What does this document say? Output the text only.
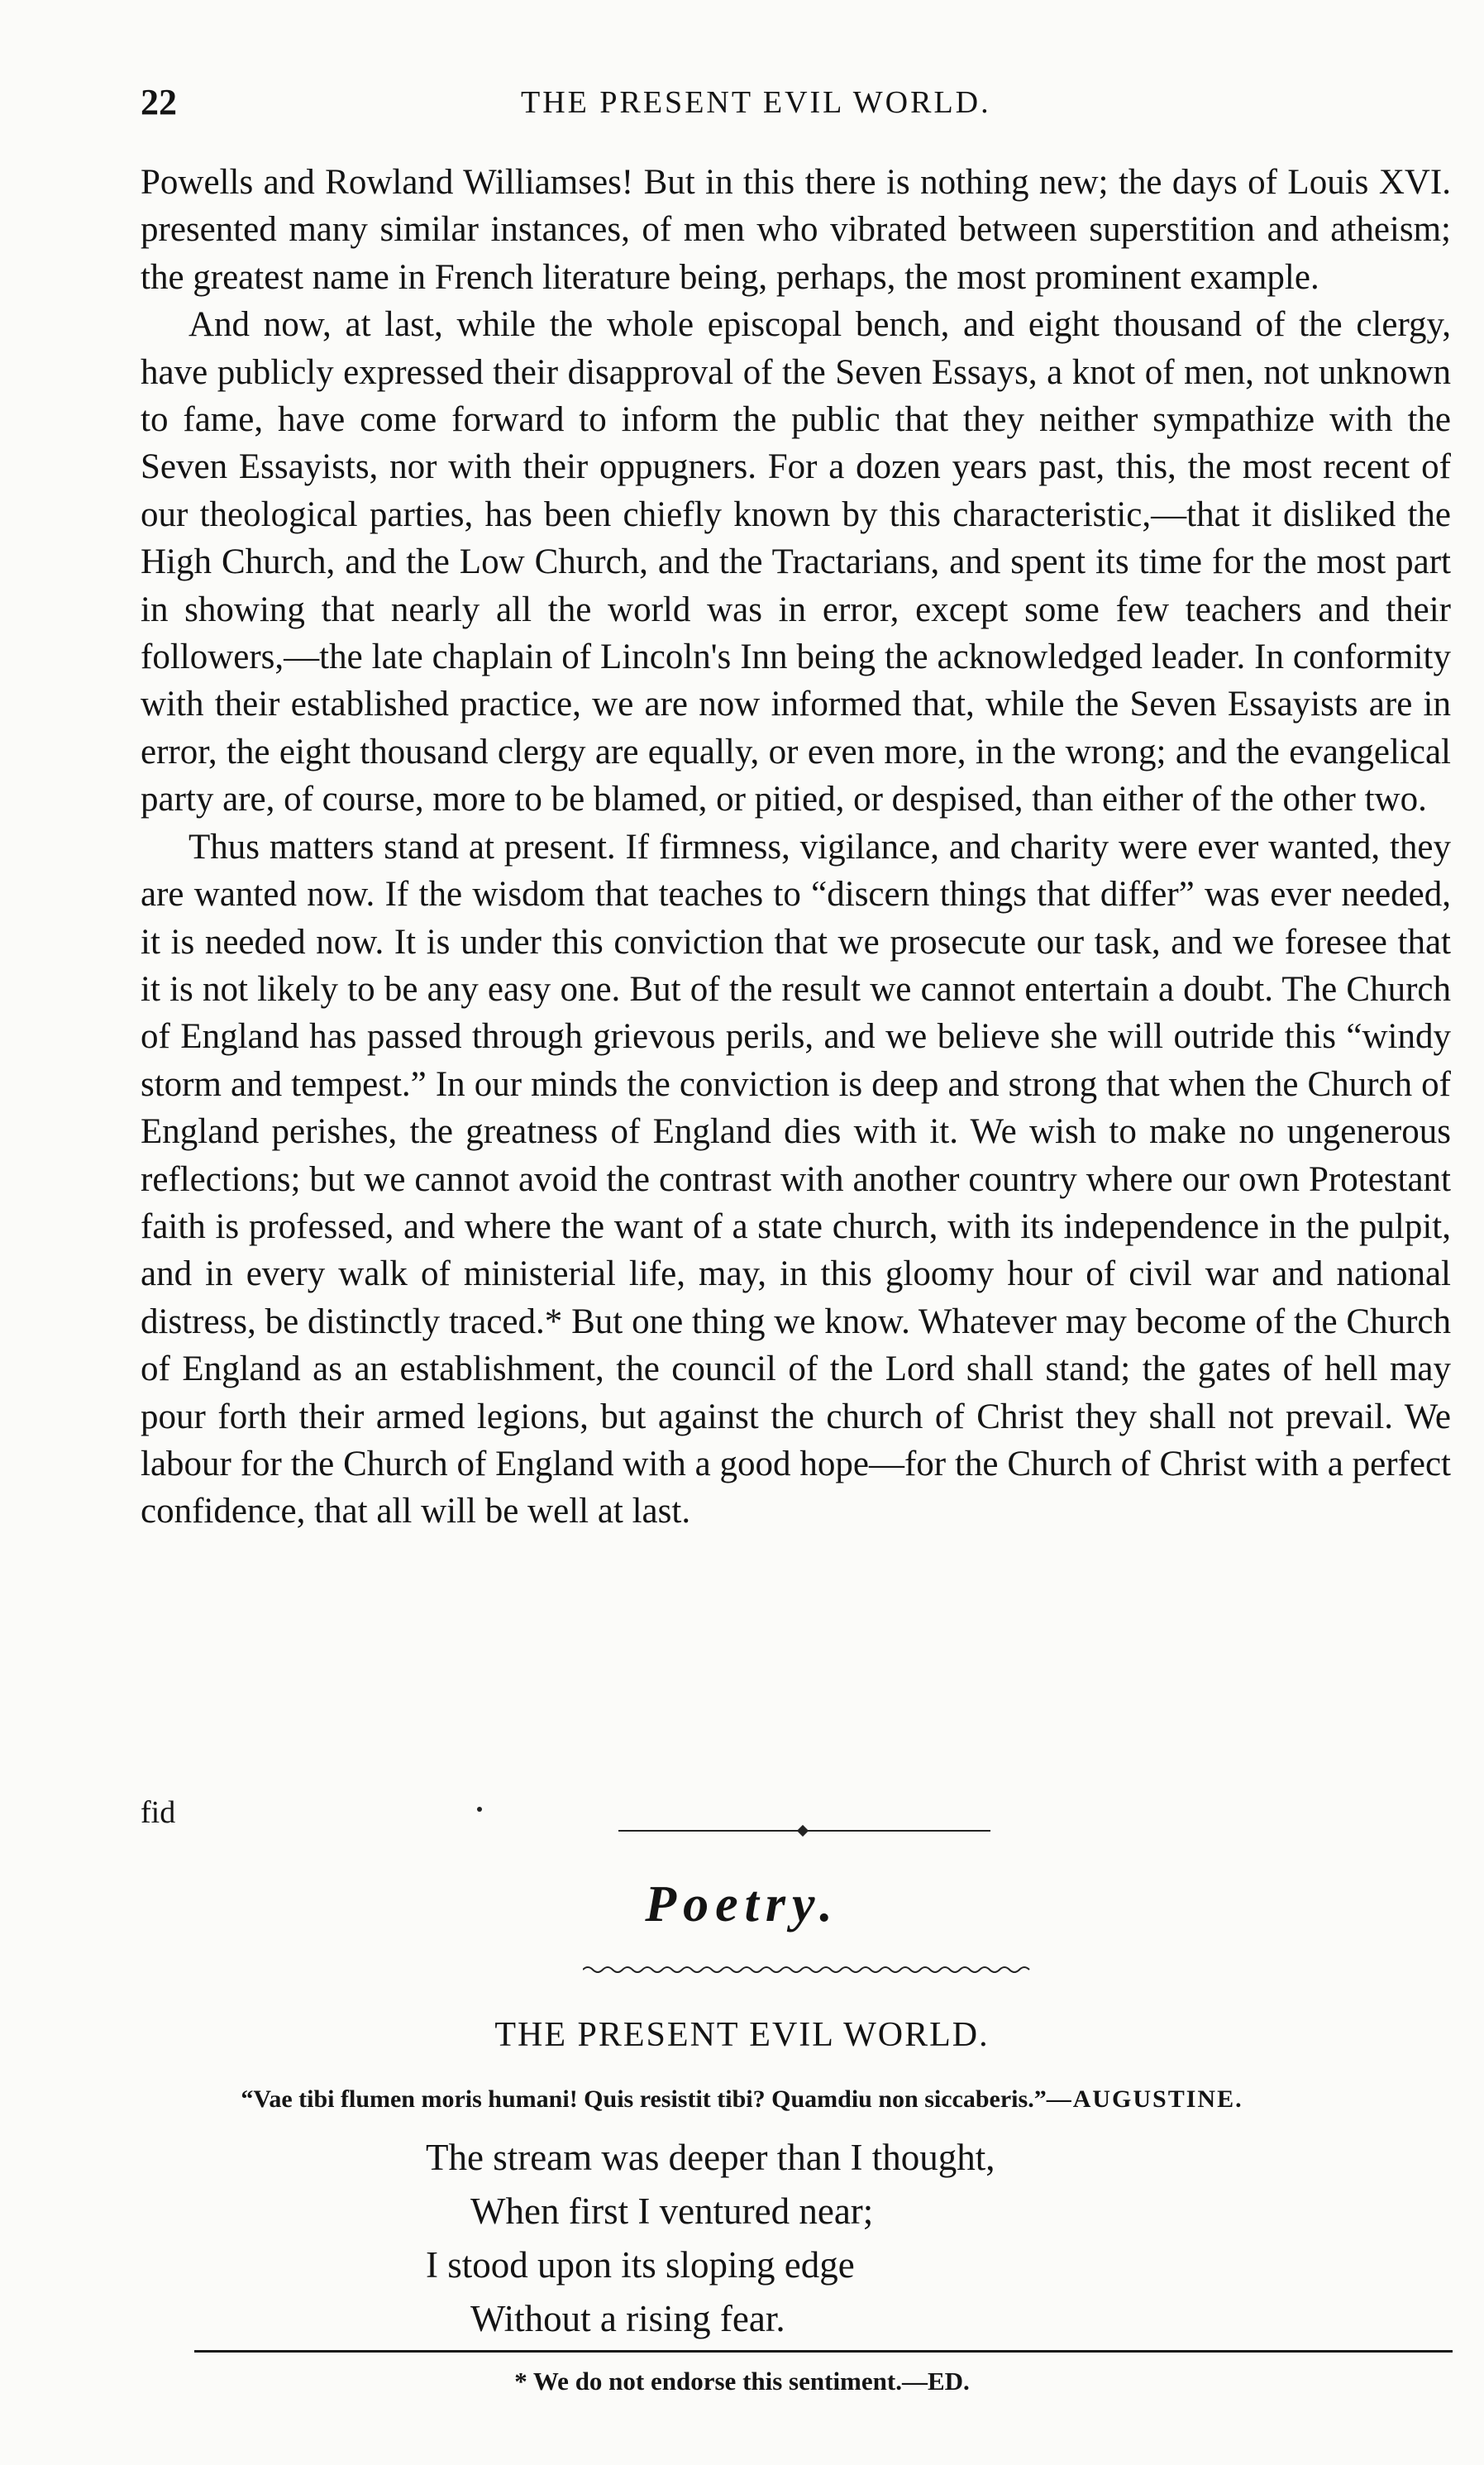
22	THE PRESENT EVIL WORLD.

Powells and Rowland Williamses! But in this there is nothing new; the days of Louis XVI. presented many similar instances, of men who vibrated between superstition and atheism; the greatest name in French literature being, perhaps, the most prominent example.

And now, at last, while the whole episcopal bench, and eight thousand of the clergy, have publicly expressed their disapproval of the Seven Essays, a knot of men, not unknown to fame, have come forward to inform the public that they neither sympathize with the Seven Essayists, nor with their oppugners. For a dozen years past, this, the most recent of our theological parties, has been chiefly known by this characteristic,—that it disliked the High Church, and the Low Church, and the Tractarians, and spent its time for the most part in showing that nearly all the world was in error, except some few teachers and their followers,—the late chaplain of Lincoln's Inn being the acknowledged leader. In conformity with their established practice, we are now informed that, while the Seven Essayists are in error, the eight thousand clergy are equally, or even more, in the wrong; and the evangelical party are, of course, more to be blamed, or pitied, or despised, than either of the other two.

Thus matters stand at present. If firmness, vigilance, and charity were ever wanted, they are wanted now. If the wisdom that teaches to “discern things that differ” was ever needed, it is needed now. It is under this conviction that we prosecute our task, and we foresee that it is not likely to be any easy one. But of the result we cannot entertain a doubt. The Church of England has passed through grievous perils, and we believe she will outride this “windy storm and tempest.” In our minds the conviction is deep and strong that when the Church of England perishes, the greatness of England dies with it. We wish to make no ungenerous reflections; but we cannot avoid the contrast with another country where our own Protestant faith is professed, and where the want of a state church, with its independence in the pulpit, and in every walk of ministerial life, may, in this gloomy hour of civil war and national distress, be distinctly traced.* But one thing we know. Whatever may become of the Church of England as an establishment, the council of the Lord shall stand; the gates of hell may pour forth their armed legions, but against the church of Christ they shall not prevail. We labour for the Church of England with a good hope—for the Church of Christ with a perfect confidence, that all will be well at last.

fid
Poetry.
THE PRESENT EVIL WORLD.
“Vae tibi flumen moris humani! Quis resistit tibi? Quamdiu non siccaberis.”—AUGUSTINE.
The stream was deeper than I thought,
When first I ventured near;
I stood upon its sloping edge
Without a rising fear.
* We do not endorse this sentiment.—ED.
